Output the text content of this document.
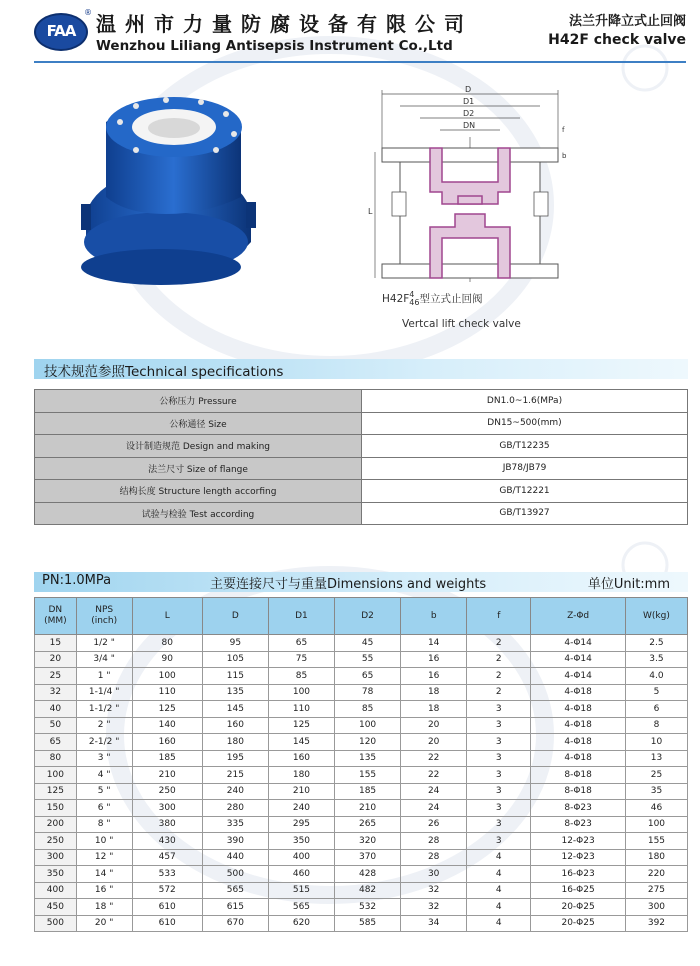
FAA
® 温州市力量防腐设备有限公司
Wenzhou Liliang Antisepsis Instrument Co.,Ltd
法兰升降立式止回阀
H42F check valve
D
D1
D2
DN	f
b
L
H42F 4
46 型立式止回阀
Vertcal lift check valve
技术规范参照Technical specifications
公称压力 Pressure	DN1.0~1.6(MPa)
公称通径 Size	DN15~500(mm)
设计制造规范 Design and making	GB/T12235
法兰尺寸 Size of flange	JB78/JB79
结构长度 Structure length accorfing	GB/T12221
试验与检验 Test according	GB/T13927
PN:1.0MPa	主要连接尺寸与重量Dimensions and weights	单位Unit:mm
DN
(MM)	NPS
(inch)	L	D	D1	D2	b	f	Z-Φd	W(kg)
15	1/2 "	80	95	65	45	14	2	4-Φ14	2.5
20	3/4 "	90	105	75	55	16	2	4-Φ14	3.5
25	1 "	100	115	85	65	16	2	4-Φ14	4.0
32	1-1/4 "	110	135	100	78	18	2	4-Φ18	5
40	1-1/2 "	125	145	110	85	18	3	4-Φ18	6
50	2 "	140	160	125	100	20	3	4-Φ18	8
65	2-1/2 "	160	180	145	120	20	3	4-Φ18	10
80	3 "	185	195	160	135	22	3	4-Φ18	13
100	4 "	210	215	180	155	22	3	8-Φ18	25
125	5 "	250	240	210	185	24	3	8-Φ18	35
150	6 "	300	280	240	210	24	3	8-Φ23	46
200	8 "	380	335	295	265	26	3	8-Φ23	100
250	10 "	430	390	350	320	28	3	12-Φ23	155
300	12 "	457	440	400	370	28	4	12-Φ23	180
350	14 "	533	500	460	428	30	4	16-Φ23	220
400	16 "	572	565	515	482	32	4	16-Φ25	275
450	18 "	610	615	565	532	32	4	20-Φ25	300
500	20 "	610	670	620	585	34	4	20-Φ25	392
